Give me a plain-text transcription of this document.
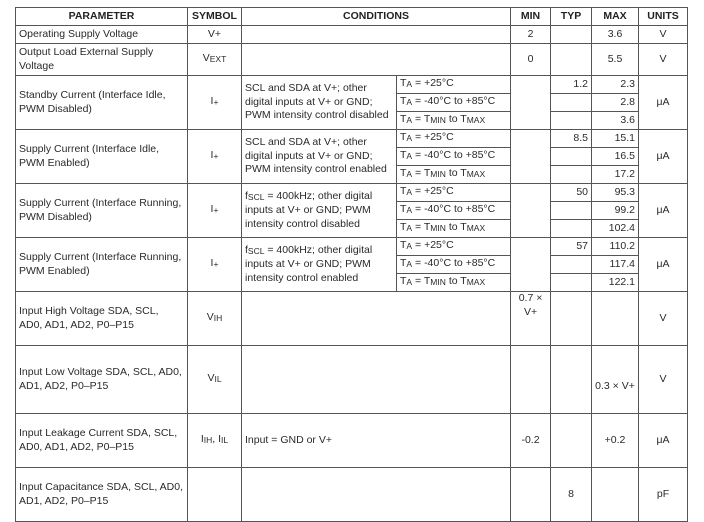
PARAMETER	SYMBOL	CONDITIONS		MIN	TYP	MAX	UNITS
Operating Supply Voltage	V+			2		3.6	V
Output Load External Supply Voltage	VEXT			0		5.5	V
Standby Current (Interface Idle, PWM Disabled)	I+	SCL and SDA at V+; other digital inputs at V+ or GND; PWM intensity control disabled	TA = +25°C		1.2	2.3	μA
			TA = -40°C to +85°C			2.8	
			TA = TMIN to TMAX			3.6	
Supply Current (Interface Idle, PWM Enabled)	I+	SCL and SDA at V+; other digital inputs at V+ or GND; PWM intensity control enabled	TA = +25°C		8.5	15.1	μA
			TA = -40°C to +85°C			16.5	
			TA = TMIN to TMAX			17.2	
Supply Current (Interface Running, PWM Disabled)	I+	fSCL = 400kHz; other digital inputs at V+ or GND; PWM intensity control disabled	TA = +25°C		50	95.3	μA
			TA = -40°C to +85°C			99.2	
			TA = TMIN to TMAX			102.4	
Supply Current (Interface Running, PWM Enabled)	I+	fSCL = 400kHz; other digital inputs at V+ or GND; PWM intensity control enabled	TA = +25°C		57	110.2	μA
			TA = -40°C to +85°C			117.4	
			TA = TMIN to TMAX			122.1	
Input High Voltage SDA, SCL, AD0, AD1, AD2, P0–P15	VIH			0.7 × V+			V
Input Low Voltage SDA, SCL, AD0, AD1, AD2, P0–P15	VIL					0.3 × V+	V
Input Leakage Current SDA, SCL, AD0, AD1, AD2, P0–P15	IIH, IIL	Input = GND or V+		-0.2		+0.2	μA
Input Capacitance SDA, SCL, AD0, AD1, AD2, P0–P15					8		pF
